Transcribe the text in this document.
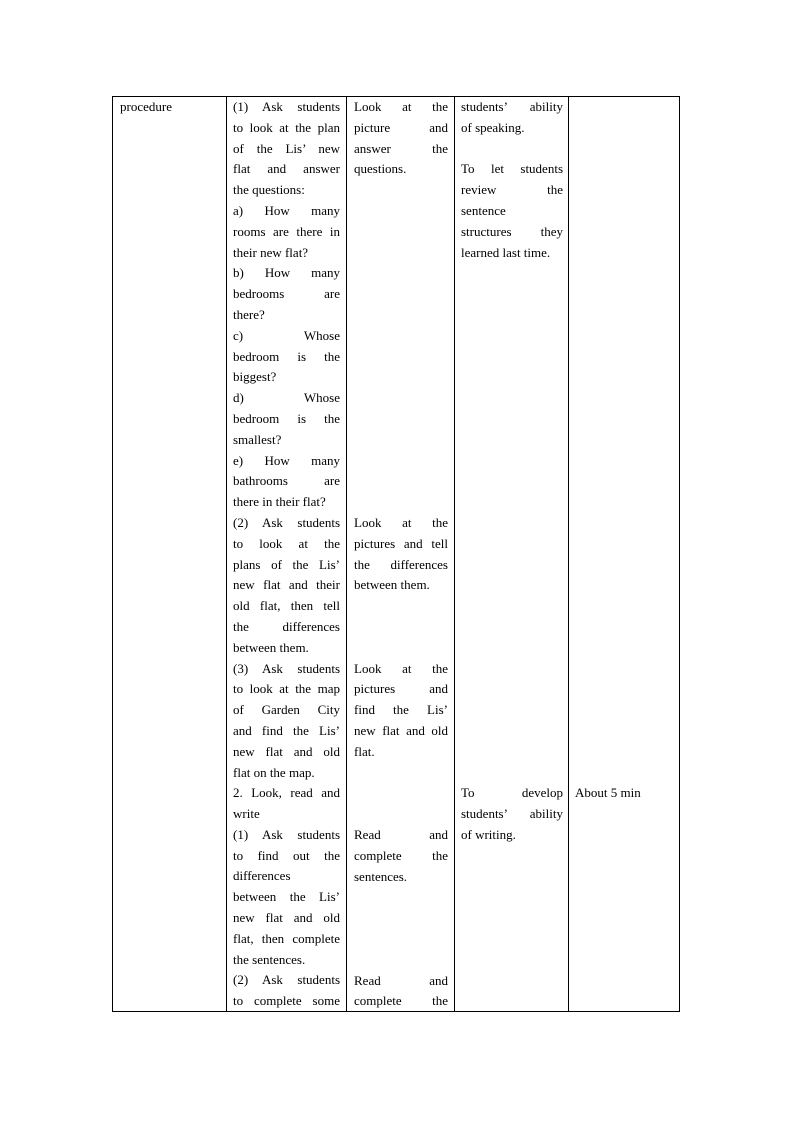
procedure	(1) Ask students
to look at the plan
of the Lis’ new
flat and answer
the questions:
a) How many
rooms are there in
their new flat?
b) How many
bedrooms are
there?
c) Whose
bedroom is the
biggest?
d) Whose
bedroom is the
smallest?
e) How many
bathrooms are
there in their flat?
(2) Ask students
to look at the
plans of the Lis’
new flat and their
old flat, then tell
the differences
between them.
(3) Ask students
to look at the map
of Garden City
and find the Lis’
new flat and old
flat on the map.
2. Look, read and
write
(1) Ask students
to find out the
differences
between the Lis’
new flat and old
flat, then complete
the sentences.
(2) Ask students
to complete some
Look at the
picture and
answer the
questions.
Look at the
pictures and tell
the differences
between them.
Look at the
pictures and
find the Lis’
new flat and old
flat.
Read and
complete the
sentences.
Read and
complete the
students’ ability
of speaking.
To let students
review the
sentence
structures they
learned last time.
To develop
students’ ability
of writing.
About 5 min
